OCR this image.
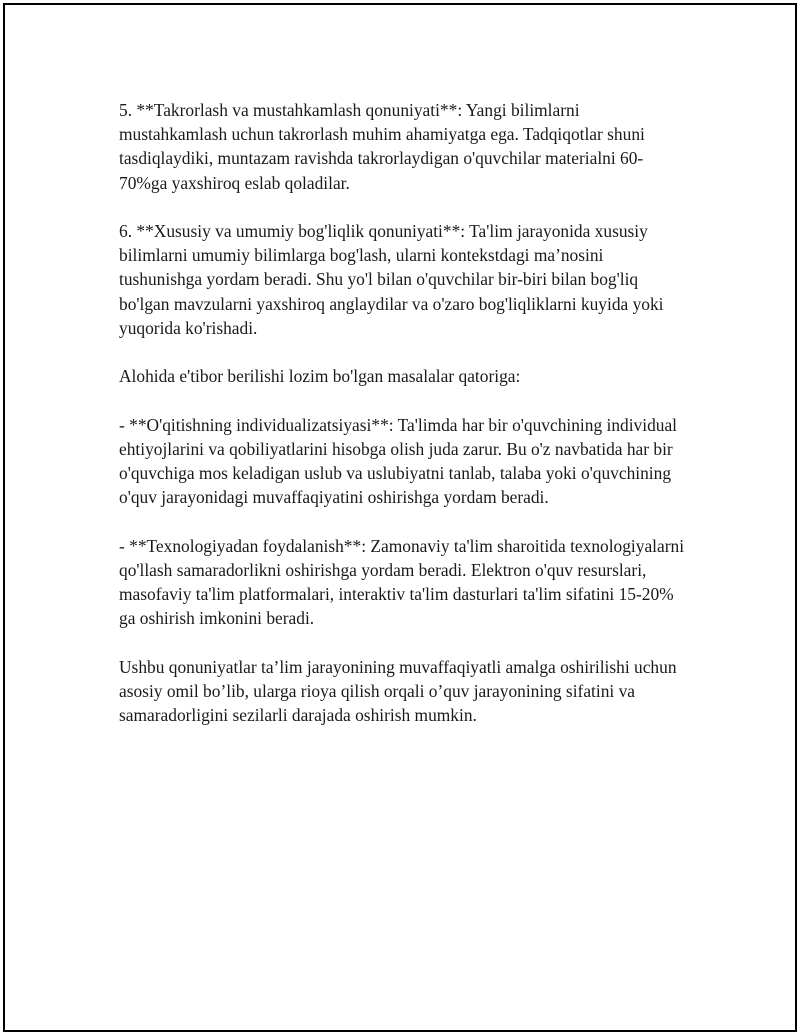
5. **Takrorlash va mustahkamlash qonuniyati**: Yangi bilimlarni mustahkamlash uchun takrorlash muhim ahamiyatga ega. Tadqiqotlar shuni tasdiqlaydiki, muntazam ravishda takrorlaydigan o'quvchilar materialni 60-70%ga yaxshiroq eslab qoladilar.

6. **Xususiy va umumiy bog'liqlik qonuniyati**: Ta'lim jarayonida xususiy bilimlarni umumiy bilimlarga bog'lash, ularni kontekstdagi ma’nosini tushunishga yordam beradi. Shu yo'l bilan o'quvchilar bir-biri bilan bog'liq bo'lgan mavzularni yaxshiroq anglaydilar va o'zaro bog'liqliklarni kuyida yoki yuqorida ko'rishadi.

Alohida e'tibor berilishi lozim bo'lgan masalalar qatoriga:

- **O'qitishning individualizatsiyasi**: Ta'limda har bir o'quvchining individual ehtiyojlarini va qobiliyatlarini hisobga olish juda zarur. Bu o'z navbatida har bir o'quvchiga mos keladigan uslub va uslubiyatni tanlab, talaba yoki o'quvchining o'quv jarayonidagi muvaffaqiyatini oshirishga yordam beradi.

- **Texnologiyadan foydalanish**: Zamonaviy ta'lim sharoitida texnologiyalarni qo'llash samaradorlikni oshirishga yordam beradi. Elektron o'quv resurslari, masofaviy ta'lim platformalari, interaktiv ta'lim dasturlari ta'lim sifatini 15-20% ga oshirish imkonini beradi.

Ushbu qonuniyatlar ta’lim jarayonining muvaffaqiyatli amalga oshirilishi uchun asosiy omil bo’lib, ularga rioya qilish orqali o’quv jarayonining sifatini va samaradorligini sezilarli darajada oshirish mumkin.
